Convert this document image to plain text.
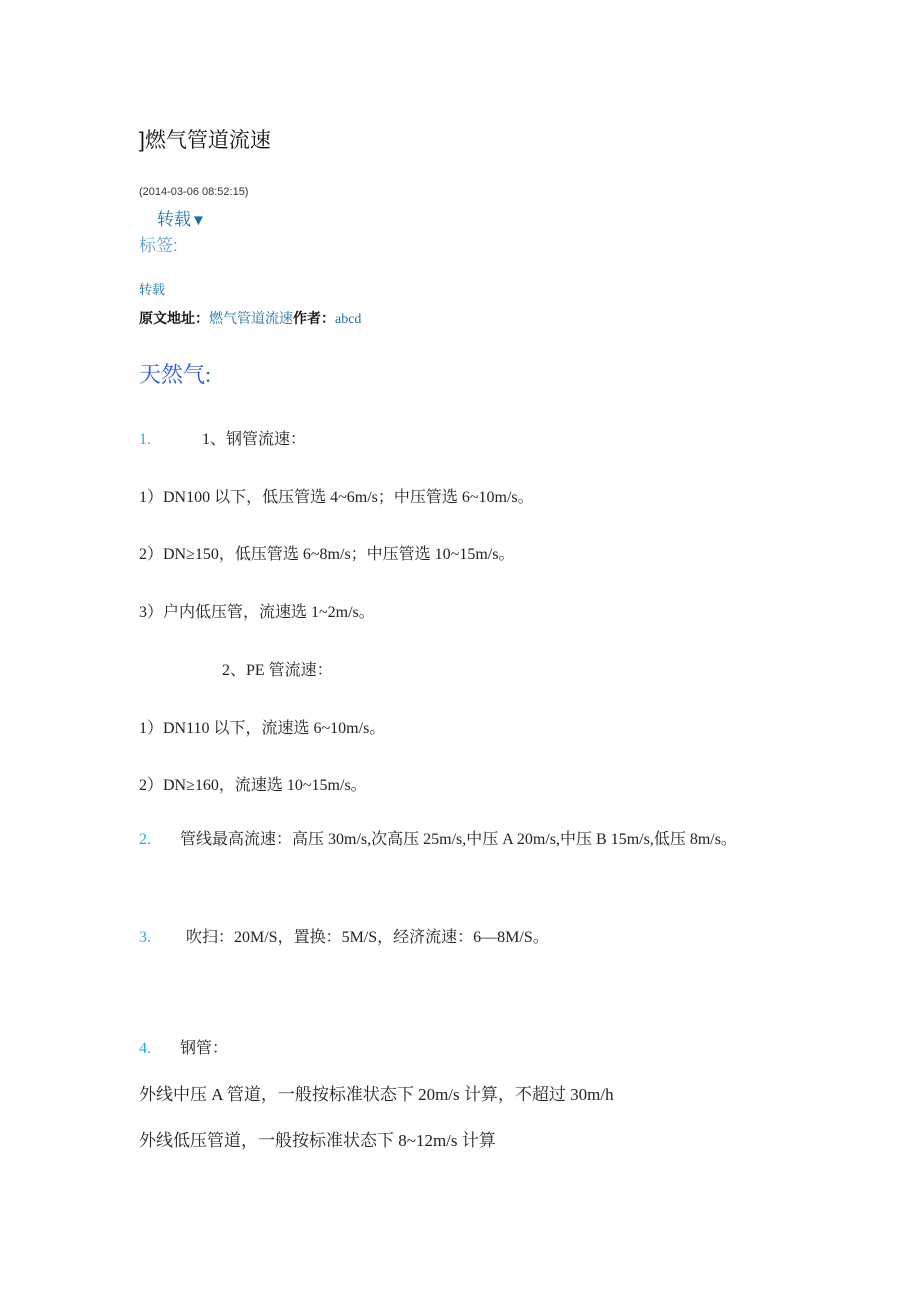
]燃气管道流速
(2014-03-06 08:52:15)
转载▼
标签:
转载
原文地址：燃气管道流速作者：abcd
天然气:
1.	1、钢管流速：
1）DN100 以下，低压管选 4~6m/s；中压管选 6~10m/s。
2）DN≥150，低压管选 6~8m/s；中压管选 10~15m/s。
3）户内低压管，流速选 1~2m/s。
2、PE 管流速：
1）DN110 以下，流速选 6~10m/s。
2）DN≥160，流速选 10~15m/s。
2. 管线最高流速：高压 30m/s,次高压 25m/s,中压 A 20m/s,中压 B 15m/s,低压 8m/s。
3. 吹扫：20M/S，置换：5M/S，经济流速：6—8M/S。
4. 钢管：
外线中压 A 管道，一般按标准状态下 20m/s 计算，不超过 30m/h
外线低压管道，一般按标准状态下 8~12m/s 计算
